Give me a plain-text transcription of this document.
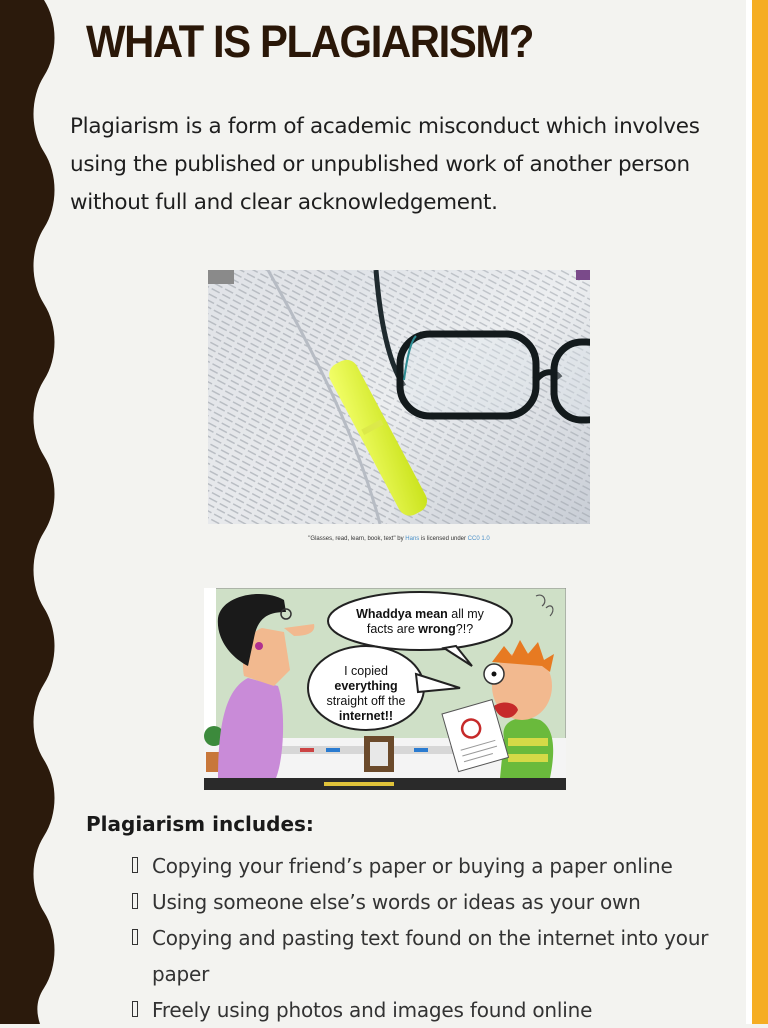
WHAT IS PLAGIARISM?

Plagiarism is a form of academic misconduct which involves using the published or unpublished work of another person without full and clear acknowledgement.

"Glasses, read, learn, book, text" by Hans is licensed under CC0 1.0
Whaddya mean all my
facts are wrong?!?
I copied
everything
straight off the
internet!!
Plagiarism includes:
Copying your friend’s paper or buying a paper online
Using someone else’s words or ideas as your own
Copying and pasting text found on the internet into your paper
Freely using photos and images found online
